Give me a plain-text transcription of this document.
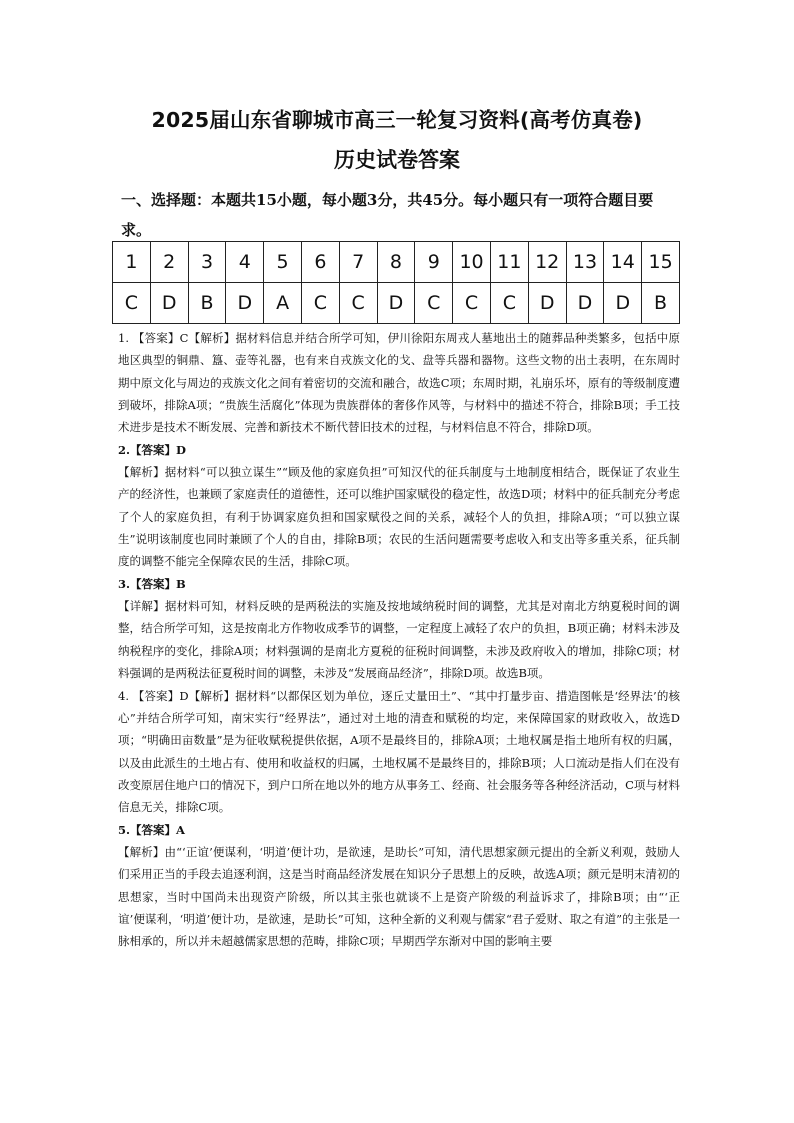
2025届山东省聊城市高三一轮复习资料(高考仿真卷)
历史试卷答案
一、选择题：本题共15小题，每小题3分，共45分。每小题只有一项符合题目要求。
1	2	3	4	5	6	7	8	9	10	11	12	13	14	15
C	D	B	D	A	C	C	D	C	C	C	D	D	D	B

1. 【答案】C【解析】据材料信息并结合所学可知，伊川徐阳东周戎人墓地出土的随葬品种类繁多，包括中原地区典型的铜鼎、簋、壶等礼器，也有来自戎族文化的戈、盘等兵器和器物。这些文物的出土表明，在东周时期中原文化与周边的戎族文化之间有着密切的交流和融合，故选C项；东周时期，礼崩乐坏，原有的等级制度遭到破坏，排除A项；“贵族生活腐化”体现为贵族群体的奢侈作风等，与材料中的描述不符合，排除B项；手工技术进步是技术不断发展、完善和新技术不断代替旧技术的过程，与材料信息不符合，排除D项。

2.【答案】D

【解析】据材料“可以独立谋生”“顾及他的家庭负担”可知汉代的征兵制度与土地制度相结合，既保证了农业生产的经济性，也兼顾了家庭责任的道德性，还可以维护国家赋役的稳定性，故选D项；材料中的征兵制充分考虑了个人的家庭负担，有利于协调家庭负担和国家赋役之间的关系，减轻个人的负担，排除A项；“可以独立谋生”说明该制度也同时兼顾了个人的自由，排除B项；农民的生活问题需要考虑收入和支出等多重关系，征兵制度的调整不能完全保障农民的生活，排除C项。

3.【答案】B

【详解】据材料可知，材料反映的是两税法的实施及按地域纳税时间的调整，尤其是对南北方纳夏税时间的调整，结合所学可知，这是按南北方作物收成季节的调整，一定程度上减轻了农户的负担，B项正确；材料未涉及纳税程序的变化，排除A项；材料强调的是南北方夏税的征税时间调整，未涉及政府收入的增加，排除C项；材料强调的是两税法征夏税时间的调整，未涉及“发展商品经济”，排除D项。故选B项。

4. 【答案】D【解析】据材料“以都保区划为单位，逐丘丈量田土”、“其中打量步亩、措造图帐是‘经界法’的核心”并结合所学可知，南宋实行“经界法”，通过对土地的清查和赋税的均定，来保障国家的财政收入，故选D项；“明确田亩数量”是为征收赋税提供依据，A项不是最终目的，排除A项；土地权属是指土地所有权的归属，以及由此派生的土地占有、使用和收益权的归属，土地权属不是最终目的，排除B项；人口流动是指人们在没有改变原居住地户口的情况下，到户口所在地以外的地方从事务工、经商、社会服务等各种经济活动，C项与材料信息无关，排除C项。

5.【答案】A

【解析】由“‘正谊’便谋利，‘明道’便计功，是欲速，是助长”可知，清代思想家颜元提出的全新义利观，鼓励人们采用正当的手段去追逐利润，这是当时商品经济发展在知识分子思想上的反映，故选A项；颜元是明末清初的思想家，当时中国尚未出现资产阶级，所以其主张也就谈不上是资产阶级的利益诉求了，排除B项；由“‘正谊’便谋利，‘明道’便计功，是欲速，是助长”可知，这种全新的义利观与儒家“君子爱财、取之有道”的主张是一脉相承的，所以并未超越儒家思想的范畴，排除C项；早期西学东渐对中国的影响主要
